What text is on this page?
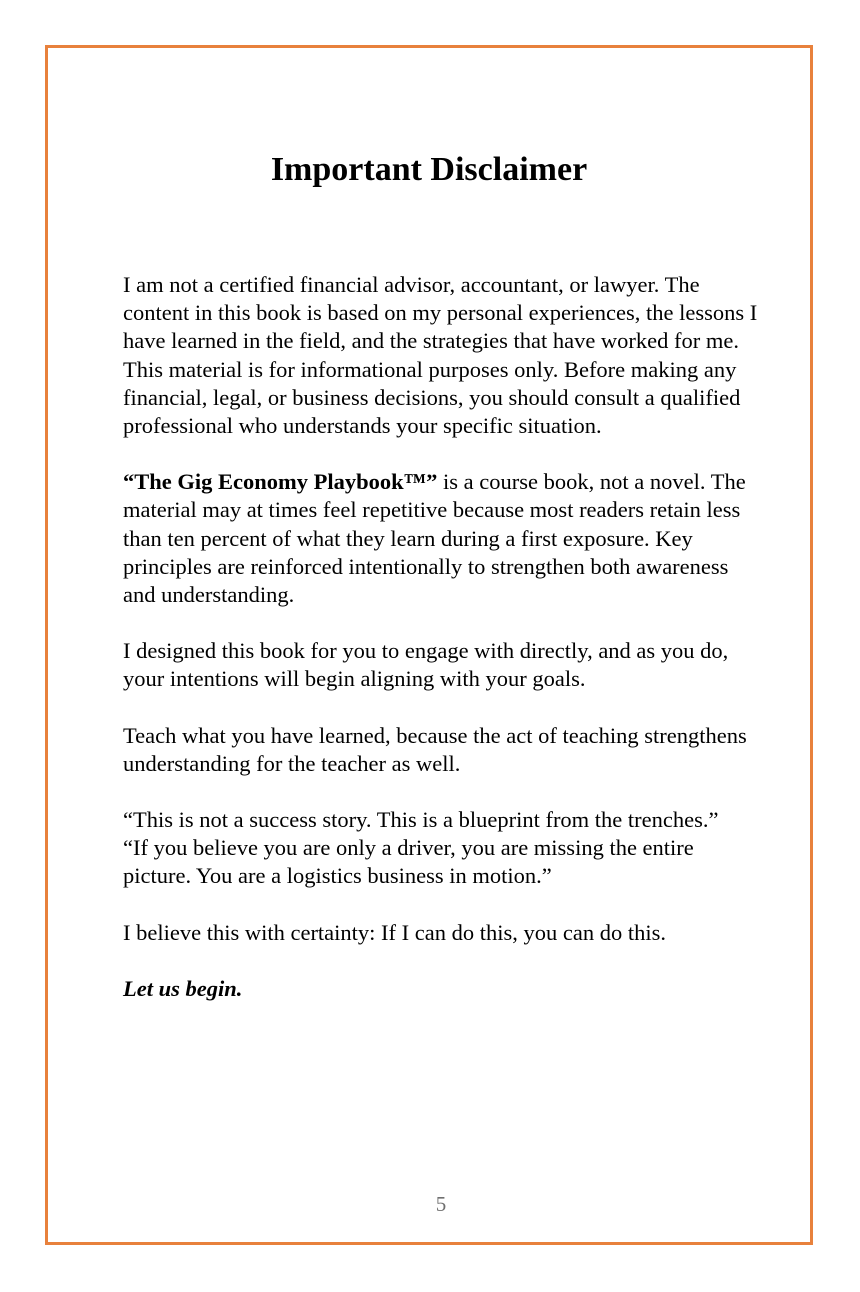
Important Disclaimer

I am not a certified financial advisor, accountant, or lawyer. The content in this book is based on my personal experiences, the lessons I have learned in the field, and the strategies that have worked for me. This material is for informational purposes only. Before making any financial, legal, or business decisions, you should consult a qualified professional who understands your specific situation.

“The Gig Economy Playbook™” is a course book, not a novel. The material may at times feel repetitive because most readers retain less than ten percent of what they learn during a first exposure. Key principles are reinforced intentionally to strengthen both awareness and understanding.

I designed this book for you to engage with directly, and as you do, your intentions will begin aligning with your goals.

Teach what you have learned, because the act of teaching strengthens understanding for the teacher as well.

“This is not a success story. This is a blueprint from the trenches.”
“If you believe you are only a driver, you are missing the entire picture. You are a logistics business in motion.”

I believe this with certainty: If I can do this, you can do this.

Let us begin.

5
